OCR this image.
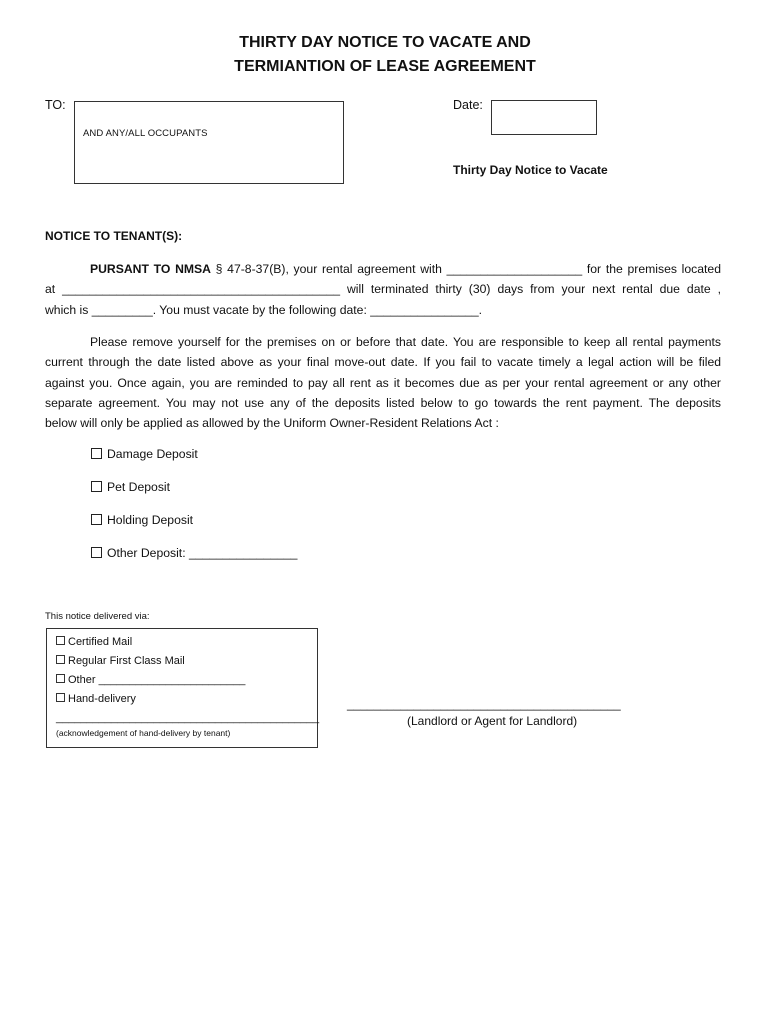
THIRTY DAY NOTICE TO VACATE AND
TERMIANTION OF LEASE AGREEMENT
TO:
AND ANY/ALL OCCUPANTS
Date:
Thirty Day Notice to Vacate
NOTICE TO TENANT(S):
PURSANT TO NMSA § 47-8-37(B), your rental agreement with ____________________ for the premises located
at _________________________________________ will terminated thirty (30) days from your next rental due date ,
which is _________. You must vacate by the following date: ________________.
Please remove yourself for the premises on or before that date. You are responsible to keep all rental payments
current through the date listed above as your final move-out date. If you fail to vacate timely a legal action will be filed
against you. Once again, you are reminded to pay all rent as it becomes due as per your rental agreement or any other
separate agreement. You may not use any of the deposits listed below to go towards the rent payment. The deposits
below will only be applied as allowed by the Uniform Owner-Resident Relations Act :
Damage Deposit
Pet Deposit
Holding Deposit
Other Deposit: ________________
This notice delivered via:
Certified Mail
Regular First Class Mail
Other ________________________
Hand-delivery
___________________________________________
(acknowledgement of hand-delivery by tenant)
_________________________________________
(Landlord or Agent for Landlord)
